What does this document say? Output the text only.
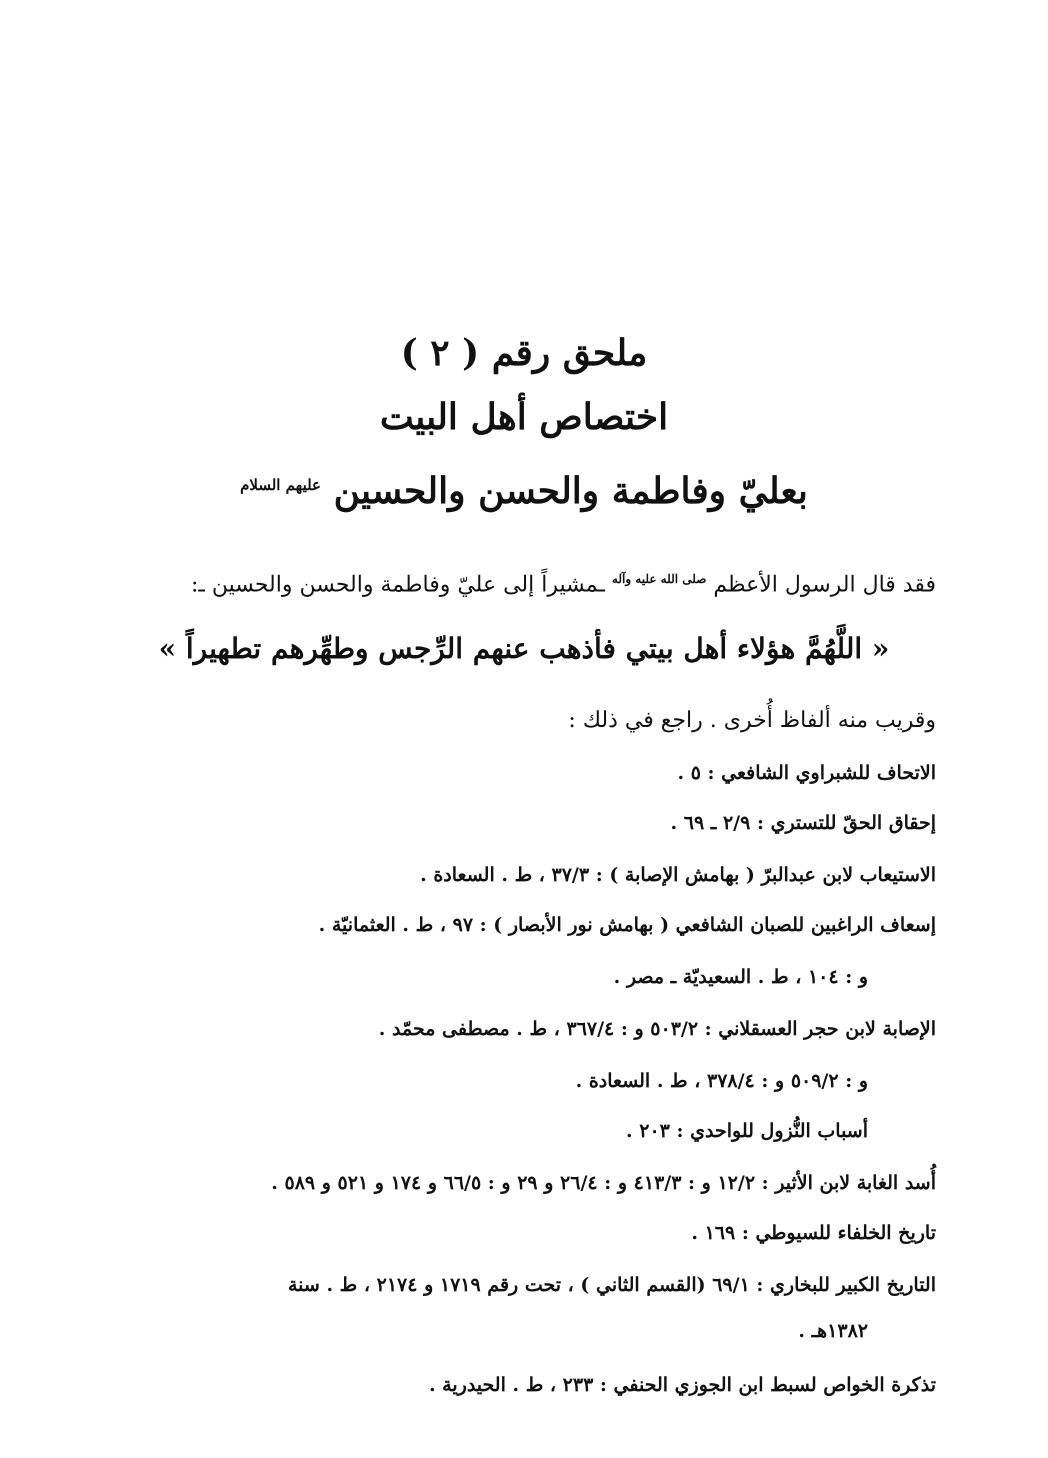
ملحق رقم ( ٢ )
اختصاص أهل البيت
بعليّ وفاطمة والحسن والحسين $^{عليهم السلام}$
فقد قال الرسول الأعظم $^{صلى الله عليه وآله}$ ـمشيراً إلى عليّ وفاطمة والحسن والحسين ـ:
« اللَّهُمَّ هؤلاء أهل بيتي فأذهب عنهم الرِّجس وطهِّرهم تطهيراً »
وقريب منه ألفاظ أُخرى . راجع في ذلك :
الاتحاف للشبراوي الشافعي : ٥ .
إحقاق الحقّ للتستري : ٢/٩ ـ ٦٩ .
الاستيعاب لابن عبدالبرّ ( بهامش الإصابة ) : ٣٧/٣ ، ط . السعادة .
إسعاف الراغبين للصبان الشافعي ( بهامش نور الأبصار ) : ٩٧ ، ط . العثمانيّة .
و : ١٠٤ ، ط . السعيديّة ـ مصر .
الإصابة لابن حجر العسقلاني : ٥٠٣/٢ و : ٣٦٧/٤ ، ط . مصطفى محمّد .
و : ٥٠٩/٢ و : ٣٧٨/٤ ، ط . السعادة .
أسباب النُّزول للواحدي : ٢٠٣ .
أُسد الغابة لابن الأثير : ١٢/٢ و : ٤١٣/٣ و : ٢٦/٤ و ٢٩ و : ٦٦/٥ و ١٧٤ و ٥٢١ و ٥٨٩ .
تاريخ الخلفاء للسيوطي : ١٦٩ .
التاريخ الكبير للبخاري : ٦٩/١ (القسم الثاني ) ، تحت رقم ١٧١٩ و ٢١٧٤ ، ط . سنة
١٣٨٢هـ .
تذكرة الخواص لسبط ابن الجوزي الحنفي : ٢٣٣ ، ط . الحيدرية .
